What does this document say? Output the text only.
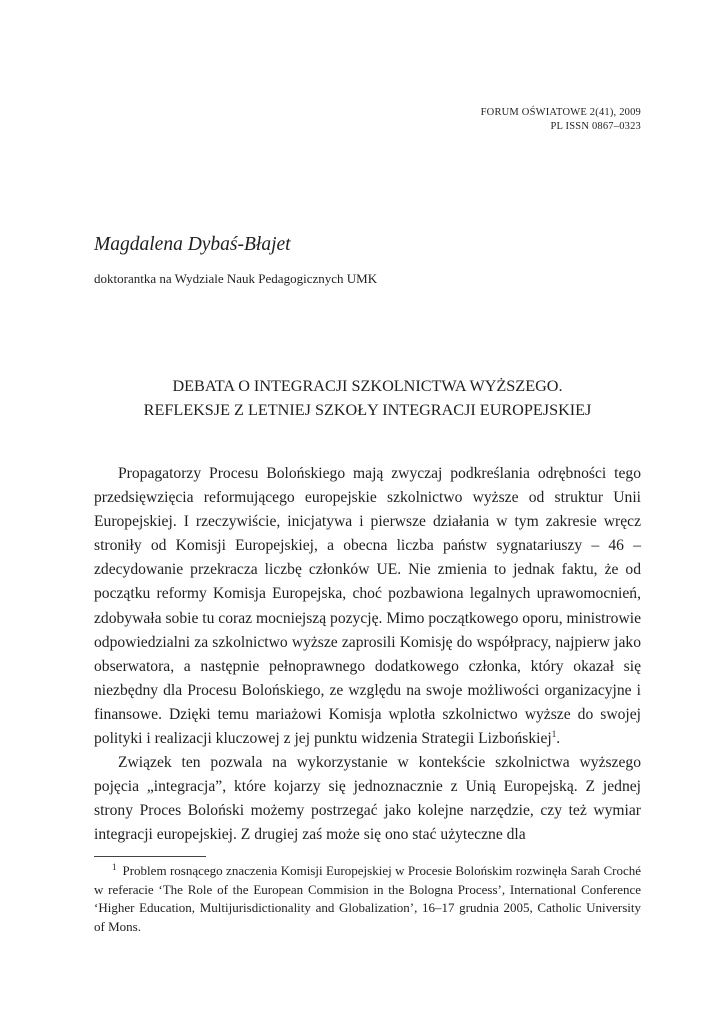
FORUM OŚWIATOWE 2(41), 2009
PL ISSN 0867–0323
Magdalena Dybaś-Błajet
doktorantka na Wydziale Nauk Pedagogicznych UMK
DEBATA O INTEGRACJI SZKOLNICTWA WYŻSZEGO.
REFLEKSJE Z LETNIEJ SZKOŁY INTEGRACJI EUROPEJSKIEJ

Propagatorzy Procesu Bolońskiego mają zwyczaj podkreślania odrębności tego przedsięwzięcia reformującego europejskie szkolnictwo wyższe od struktur Unii Europejskiej. I rzeczywiście, inicjatywa i pierwsze działania w tym zakresie wręcz stroniły od Komisji Europejskiej, a obecna liczba państw sygnatariuszy – 46 – zdecydowanie przekracza liczbę członków UE. Nie zmienia to jednak faktu, że od początku reformy Komisja Europejska, choć pozbawiona legalnych uprawomocnień, zdobywała sobie tu coraz mocniejszą pozycję. Mimo początkowego oporu, ministrowie odpowiedzialni za szkolnictwo wyższe zaprosili Komisję do współpracy, najpierw jako obserwatora, a następnie pełnoprawnego dodatkowego członka, który okazał się niezbędny dla Procesu Bolońskiego, ze względu na swoje możliwości organizacyjne i finansowe. Dzięki temu mariażowi Komisja wplotła szkolnictwo wyższe do swojej polityki i realizacji kluczowej z jej punktu widzenia Strategii Lizbońskiej$^1$.

Związek ten pozwala na wykorzystanie w kontekście szkolnictwa wyższego pojęcia „integracja”, które kojarzy się jednoznacznie z Unią Europejską. Z jednej strony Proces Boloński możemy postrzegać jako kolejne narzędzie, czy też wymiar integracji europejskiej. Z drugiej zaś może się ono stać użyteczne dla

$^1$ Problem rosnącego znaczenia Komisji Europejskiej w Procesie Bolońskim rozwinęła Sarah Croché w referacie ‘The Role of the European Commision in the Bologna Process’, International Conference ‘Higher Education, Multijurisdictionality and Globalization’, 16–17 grudnia 2005, Catholic University of Mons.
